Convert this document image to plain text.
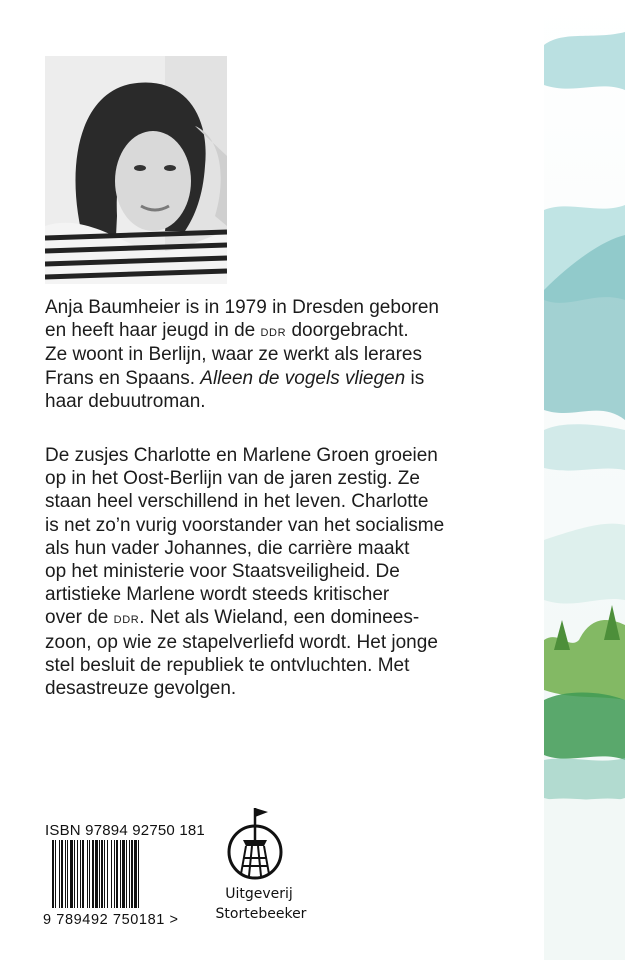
Anja Baumheier is in 1979 in Dresden geboren
en heeft haar jeugd in de ddr doorgebracht.
Ze woont in Berlijn, waar ze werkt als lerares
Frans en Spaans. Alleen de vogels vliegen is
haar debuutroman.
De zusjes Charlotte en Marlene Groen groeien
op in het Oost-Berlijn van de jaren zestig. Ze
staan heel verschillend in het leven. Charlotte
is net zo’n vurig voorstander van het socialisme
als hun vader Johannes, die carrière maakt
op het ministerie voor Staatsveiligheid. De
artistieke Marlene wordt steeds kritischer
over de ddr. Net als Wieland, een dominees-
zoon, op wie ze stapelverliefd wordt. Het jonge
stel besluit de republiek te ontvluchten. Met
desastreuze gevolgen.
ISBN 97894 92750 181
9 789492 750181 >
Uitgeverij
Stortebeeker
